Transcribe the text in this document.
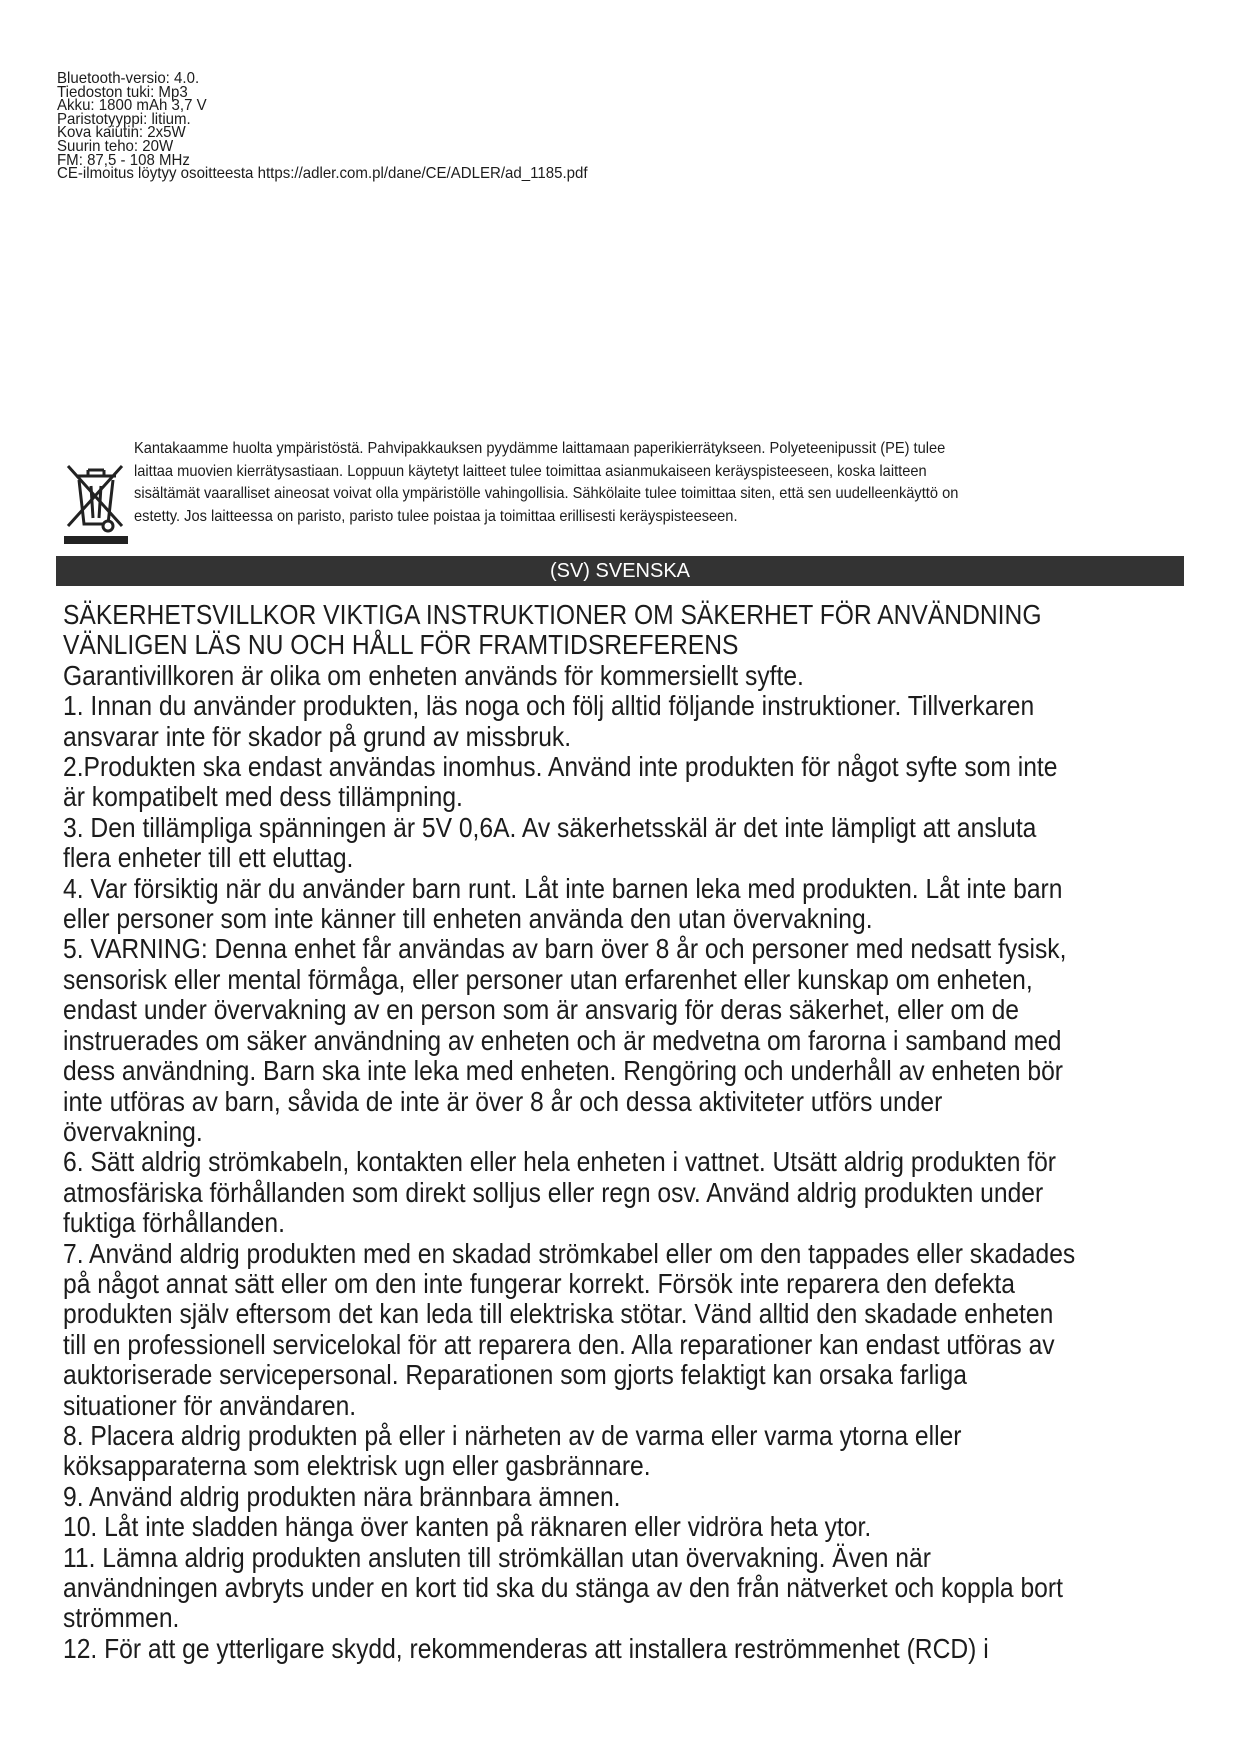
Bluetooth-versio: 4.0.
Tiedoston tuki: Mp3
Akku: 1800 mAh 3,7 V
Paristotyyppi: litium.
Kova kaiutin: 2x5W
Suurin teho: 20W
FM: 87,5 - 108 MHz
CE-ilmoitus löytyy osoitteesta https://adler.com.pl/dane/CE/ADLER/ad_1185.pdf
Kantakaamme huolta ympäristöstä. Pahvipakkauksen pyydämme laittamaan paperikierrätykseen. Polyeteenipussit (PE) tulee
laittaa muovien kierrätysastiaan. Loppuun käytetyt laitteet tulee toimittaa asianmukaiseen keräyspisteeseen, koska laitteen
sisältämät vaaralliset aineosat voivat olla ympäristölle vahingollisia. Sähkölaite tulee toimittaa siten, että sen uudelleenkäyttö on
estetty. Jos laitteessa on paristo, paristo tulee poistaa ja toimittaa erillisesti keräyspisteeseen.
(SV) SVENSKA
SÄKERHETSVILLKOR VIKTIGA INSTRUKTIONER OM SÄKERHET FÖR ANVÄNDNING
VÄNLIGEN LÄS NU OCH HÅLL FÖR FRAMTIDSREFERENS
Garantivillkoren är olika om enheten används för kommersiellt syfte.
1. Innan du använder produkten, läs noga och följ alltid följande instruktioner. Tillverkaren
ansvarar inte för skador på grund av missbruk.
2.Produkten ska endast användas inomhus. Använd inte produkten för något syfte som inte
är kompatibelt med dess tillämpning.
3. Den tillämpliga spänningen är 5V 0,6A. Av säkerhetsskäl är det inte lämpligt att ansluta
flera enheter till ett eluttag.
4. Var försiktig när du använder barn runt. Låt inte barnen leka med produkten. Låt inte barn
eller personer som inte känner till enheten använda den utan övervakning.
5. VARNING: Denna enhet får användas av barn över 8 år och personer med nedsatt fysisk,
sensorisk eller mental förmåga, eller personer utan erfarenhet eller kunskap om enheten,
endast under övervakning av en person som är ansvarig för deras säkerhet, eller om de
instruerades om säker användning av enheten och är medvetna om farorna i samband med
dess användning. Barn ska inte leka med enheten. Rengöring och underhåll av enheten bör
inte utföras av barn, såvida de inte är över 8 år och dessa aktiviteter utförs under
övervakning.
6. Sätt aldrig strömkabeln, kontakten eller hela enheten i vattnet. Utsätt aldrig produkten för
atmosfäriska förhållanden som direkt solljus eller regn osv. Använd aldrig produkten under
fuktiga förhållanden.
7. Använd aldrig produkten med en skadad strömkabel eller om den tappades eller skadades
på något annat sätt eller om den inte fungerar korrekt. Försök inte reparera den defekta
produkten själv eftersom det kan leda till elektriska stötar. Vänd alltid den skadade enheten
till en professionell servicelokal för att reparera den. Alla reparationer kan endast utföras av
auktoriserade servicepersonal. Reparationen som gjorts felaktigt kan orsaka farliga
situationer för användaren.
8. Placera aldrig produkten på eller i närheten av de varma eller varma ytorna eller
köksapparaterna som elektrisk ugn eller gasbrännare.
9. Använd aldrig produkten nära brännbara ämnen.
10. Låt inte sladden hänga över kanten på räknaren eller vidröra heta ytor.
11. Lämna aldrig produkten ansluten till strömkällan utan övervakning. Även när
användningen avbryts under en kort tid ska du stänga av den från nätverket och koppla bort
strömmen.
12. För att ge ytterligare skydd, rekommenderas att installera reströmmenhet (RCD) i
